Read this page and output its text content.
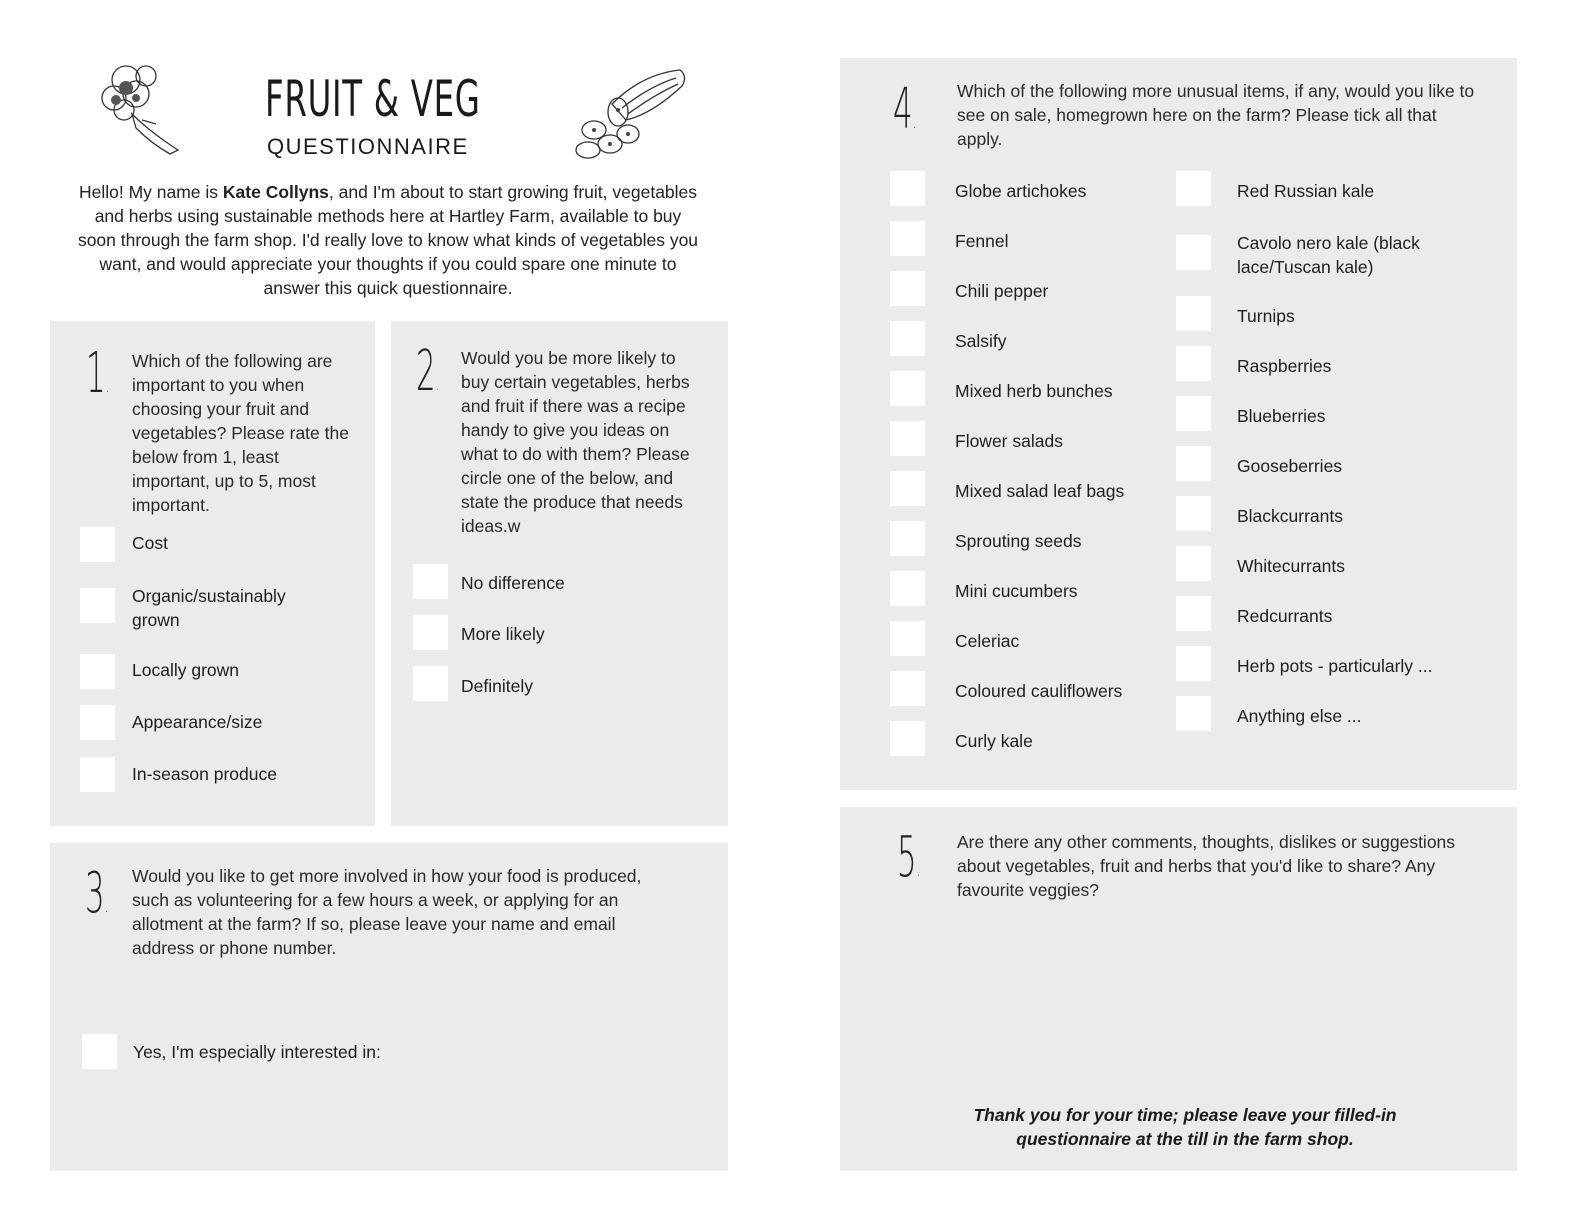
FRUIT & VEG
QUESTIONNAIRE
Hello! My name is Kate Collyns, and I'm about to start growing fruit, vegetables and herbs using sustainable methods here at Hartley Farm, available to buy soon through the farm shop. I'd really love to know what kinds of vegetables you want, and would appreciate your thoughts if you could spare one minute to answer this quick questionnaire.
1.
Which of the following are important to you when choosing your fruit and vegetables? Please rate the below from 1, least important, up to 5, most important.
Cost
Organic/sustainably grown
Locally grown
Appearance/size
In-season produce
2.
Would you be more likely to buy certain vegetables, herbs and fruit if there was a recipe handy to give you ideas on what to do with them? Please circle one of the below, and state the produce that needs ideas.w
No difference
More likely
Definitely
3.
Would you like to get more involved in how your food is produced, such as volunteering for a few hours a week, or applying for an allotment at the farm? If so, please leave your name and email address or phone number.
Yes, I'm especially interested in:
4.
Which of the following more unusual items, if any, would you like to see on sale, homegrown here on the farm? Please tick all that apply.
Globe artichokes
Fennel
Chili pepper
Salsify
Mixed herb bunches
Flower salads
Mixed salad leaf bags
Sprouting seeds
Mini cucumbers
Celeriac
Coloured cauliflowers
Curly kale
Red Russian kale
Cavolo nero kale (black lace/Tuscan kale)
Turnips
Raspberries
Blueberries
Gooseberries
Blackcurrants
Whitecurrants
Redcurrants
Herb pots - particularly ...
Anything else ...
5.
Are there any other comments, thoughts, dislikes or suggestions about vegetables, fruit and herbs that you'd like to share? Any favourite veggies?
Thank you for your time; please leave your filled-in questionnaire at the till in the farm shop.
